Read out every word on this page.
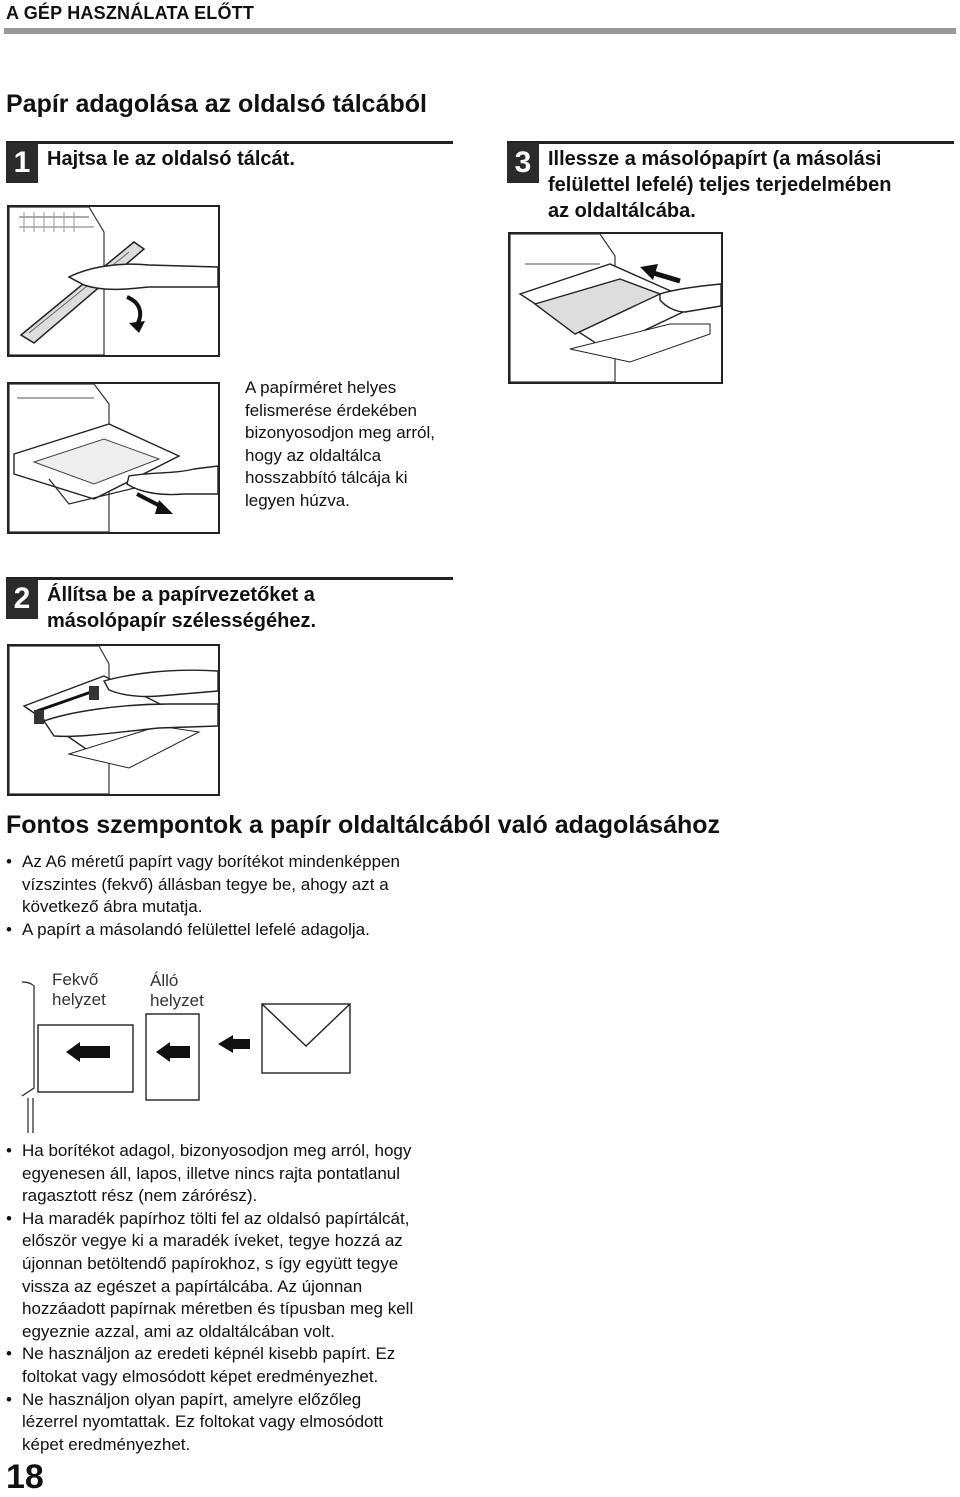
A GÉP HASZNÁLATA ELŐTT
Papír adagolása az oldalsó tálcából
1 Hajtsa le az oldalsó tálcát.
A papírméret helyes
felismerése érdekében
bizonyosodjon meg arról,
hogy az oldaltálca
hosszabbító tálcája ki
legyen húzva.
3 Illessze a másolópapírt (a másolási
felülettel lefelé) teljes terjedelmében
az oldaltálcába.
2 Állítsa be a papírvezetőket a
másolópapír szélességéhez.
Fontos szempontok a papír oldaltálcából való adagolásához
• Az A6 méretű papírt vagy borítékot mindenképpen
vízszintes (fekvő) állásban tegye be, ahogy azt a
következő ábra mutatja.
• A papírt a másolandó felülettel lefelé adagolja.
Fekvő
helyzet
Álló
helyzet
• Ha borítékot adagol, bizonyosodjon meg arról, hogy
egyenesen áll, lapos, illetve nincs rajta pontatlanul
ragasztott rész (nem zárórész).
• Ha maradék papírhoz tölti fel az oldalsó papírtálcát,
először vegye ki a maradék íveket, tegye hozzá az
újonnan betöltendő papírokhoz, s így együtt tegye
vissza az egészet a papírtálcába. Az újonnan
hozzáadott papírnak méretben és típusban meg kell
egyeznie azzal, ami az oldaltálcában volt.
• Ne használjon az eredeti képnél kisebb papírt. Ez
foltokat vagy elmosódott képet eredményezhet.
• Ne használjon olyan papírt, amelyre előzőleg
lézerrel nyomtattak. Ez foltokat vagy elmosódott
képet eredményezhet.
18
